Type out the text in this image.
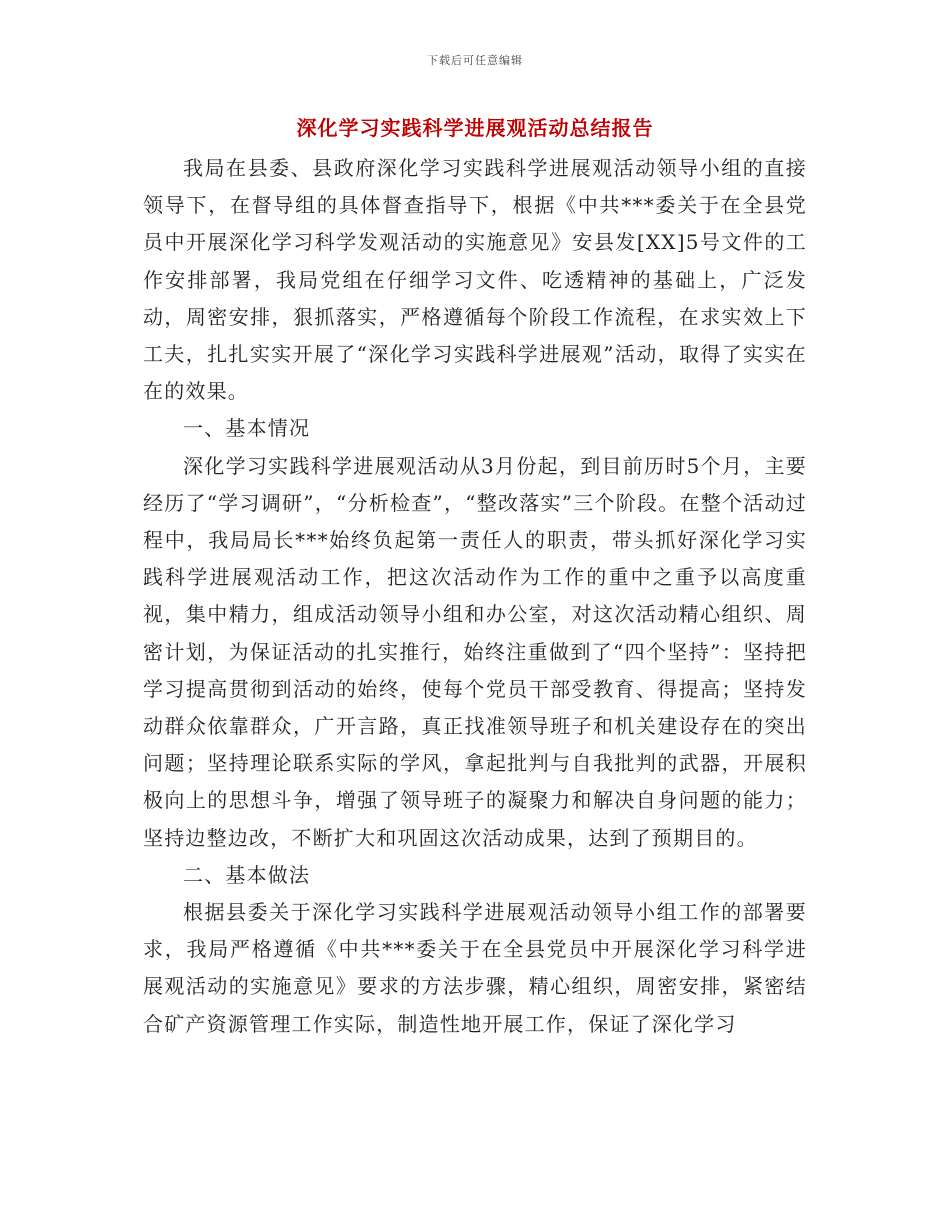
下载后可任意编辑
深化学习实践科学进展观活动总结报告

我局在县委、县政府深化学习实践科学进展观活动领导小组的直接领导下，在督导组的具体督查指导下，根据《中共***委关于在全县党员中开展深化学习科学发观活动的实施意见》安县发[XX]5号文件的工作安排部署，我局党组在仔细学习文件、吃透精神的基础上，广泛发动，周密安排，狠抓落实，严格遵循每个阶段工作流程，在求实效上下工夫，扎扎实实开展了“深化学习实践科学进展观”活动，取得了实实在在的效果。

一、基本情况

深化学习实践科学进展观活动从3月份起，到目前历时5个月，主要经历了“学习调研”，“分析检查”，“整改落实”三个阶段。在整个活动过程中，我局局长***始终负起第一责任人的职责，带头抓好深化学习实践科学进展观活动工作，把这次活动作为工作的重中之重予以高度重视，集中精力，组成活动领导小组和办公室，对这次活动精心组织、周密计划，为保证活动的扎实推行，始终注重做到了“四个坚持”：坚持把学习提高贯彻到活动的始终，使每个党员干部受教育、得提高；坚持发动群众依靠群众，广开言路，真正找准领导班子和机关建设存在的突出问题；坚持理论联系实际的学风，拿起批判与自我批判的武器，开展积极向上的思想斗争，增强了领导班子的凝聚力和解决自身问题的能力；坚持边整边改，不断扩大和巩固这次活动成果，达到了预期目的。

二、基本做法

根据县委关于深化学习实践科学进展观活动领导小组工作的部署要求，我局严格遵循《中共***委关于在全县党员中开展深化学习科学进展观活动的实施意见》要求的方法步骤，精心组织，周密安排，紧密结合矿产资源管理工作实际，制造性地开展工作，保证了深化学习
